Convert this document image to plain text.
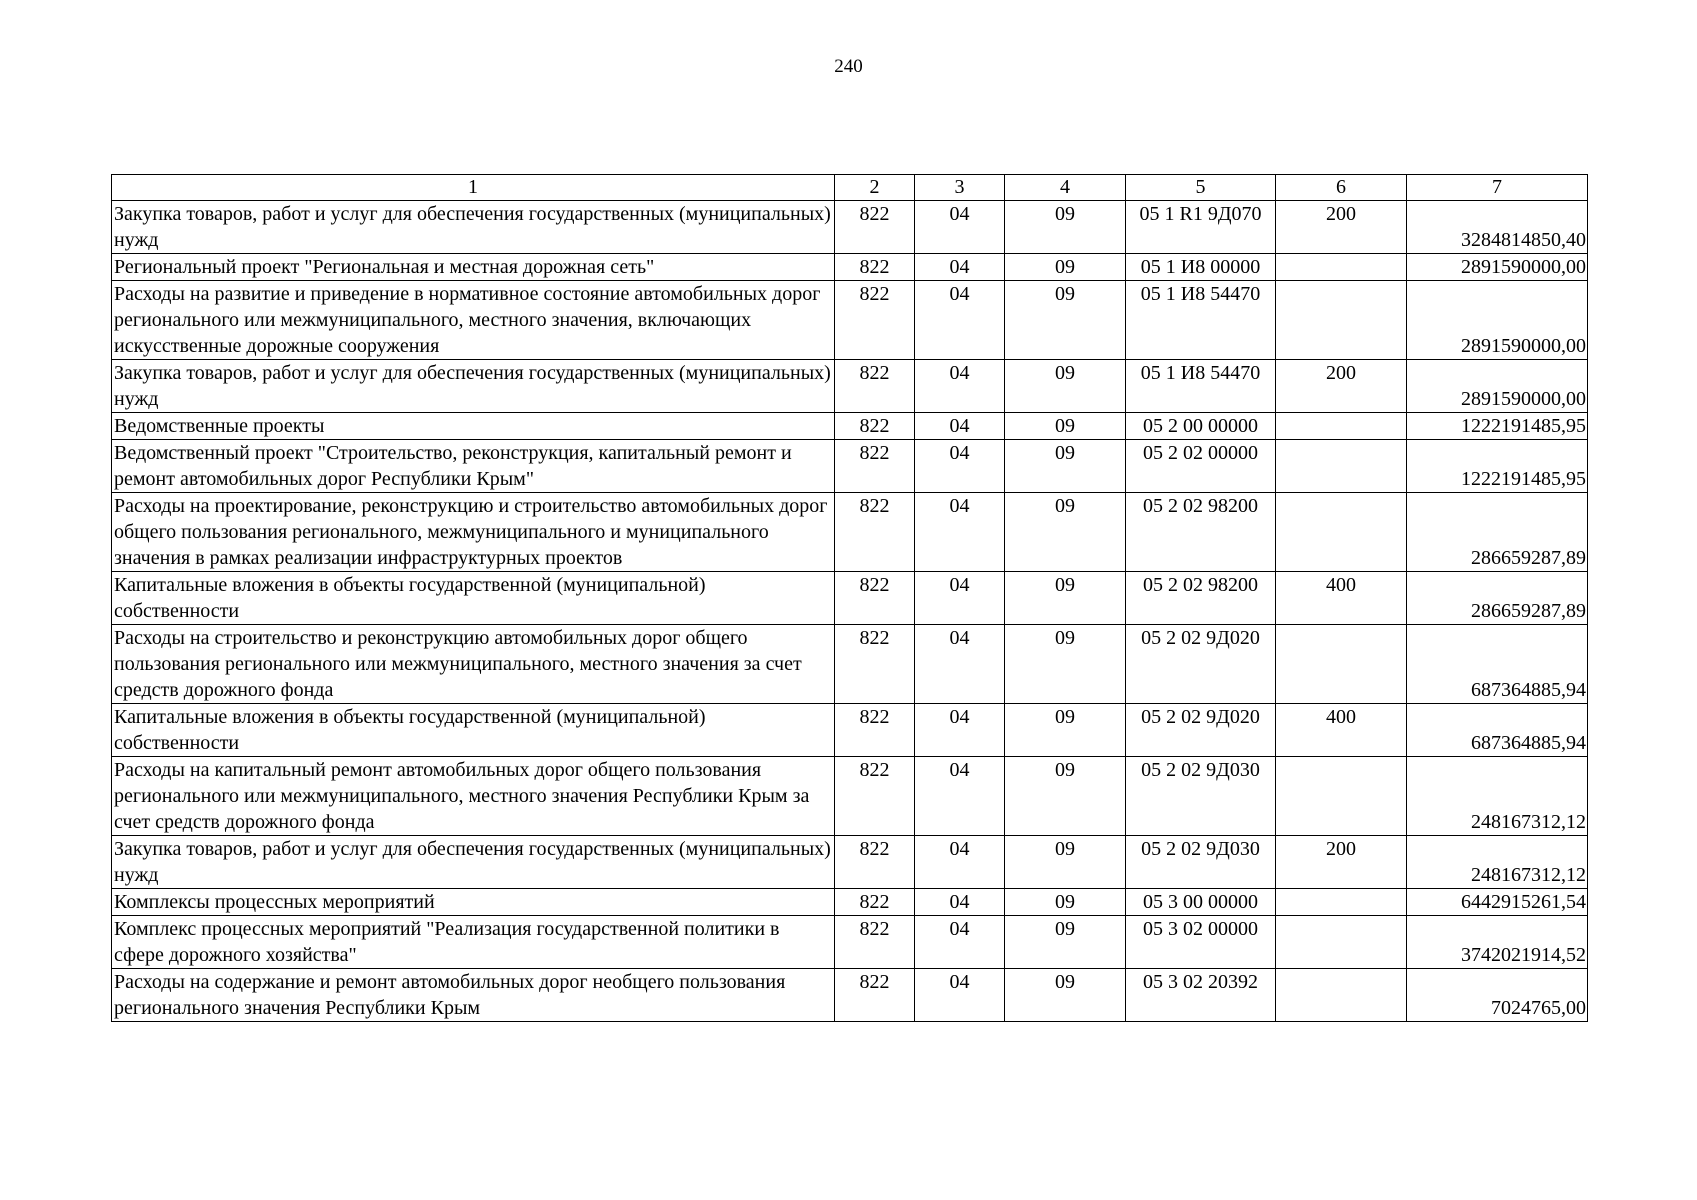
240
1	2	3	4	5	6	7

Закупка товаров, работ и услуг для обеспечения государственных (муниципальных) нужд	822	04	09	05 1 R1 9Д070	200	3284814850,40

Региональный проект "Региональная и местная дорожная сеть"	822	04	09	05 1 И8 00000		2891590000,00

Расходы на развитие и приведение в нормативное состояние автомобильных дорог регионального или межмуниципального, местного значения, включающих искусственные дорожные сооружения	822	04	09	05 1 И8 54470		2891590000,00

Закупка товаров, работ и услуг для обеспечения государственных (муниципальных) нужд	822	04	09	05 1 И8 54470	200	2891590000,00

Ведомственные проекты	822	04	09	05 2 00 00000		1222191485,95

Ведомственный проект "Строительство, реконструкция, капитальный ремонт и ремонт автомобильных дорог Республики Крым"	822	04	09	05 2 02 00000		1222191485,95

Расходы на проектирование, реконструкцию и строительство автомобильных дорог общего пользования регионального, межмуниципального и муниципального значения в рамках реализации инфраструктурных проектов	822	04	09	05 2 02 98200		286659287,89

Капитальные вложения в объекты государственной (муниципальной) собственности	822	04	09	05 2 02 98200	400	286659287,89

Расходы на строительство и реконструкцию автомобильных дорог общего пользования регионального или межмуниципального, местного значения за счет средств дорожного фонда	822	04	09	05 2 02 9Д020		687364885,94

Капитальные вложения в объекты государственной (муниципальной) собственности	822	04	09	05 2 02 9Д020	400	687364885,94

Расходы на капитальный ремонт автомобильных дорог общего пользования регионального или межмуниципального, местного значения Республики Крым за счет средств дорожного фонда	822	04	09	05 2 02 9Д030		248167312,12

Закупка товаров, работ и услуг для обеспечения государственных (муниципальных) нужд	822	04	09	05 2 02 9Д030	200	248167312,12

Комплексы процессных мероприятий	822	04	09	05 3 00 00000		6442915261,54

Комплекс процессных мероприятий "Реализация государственной политики в сфере дорожного хозяйства"	822	04	09	05 3 02 00000		3742021914,52

Расходы на содержание и ремонт автомобильных дорог необщего пользования регионального значения Республики Крым	822	04	09	05 3 02 20392		7024765,00
